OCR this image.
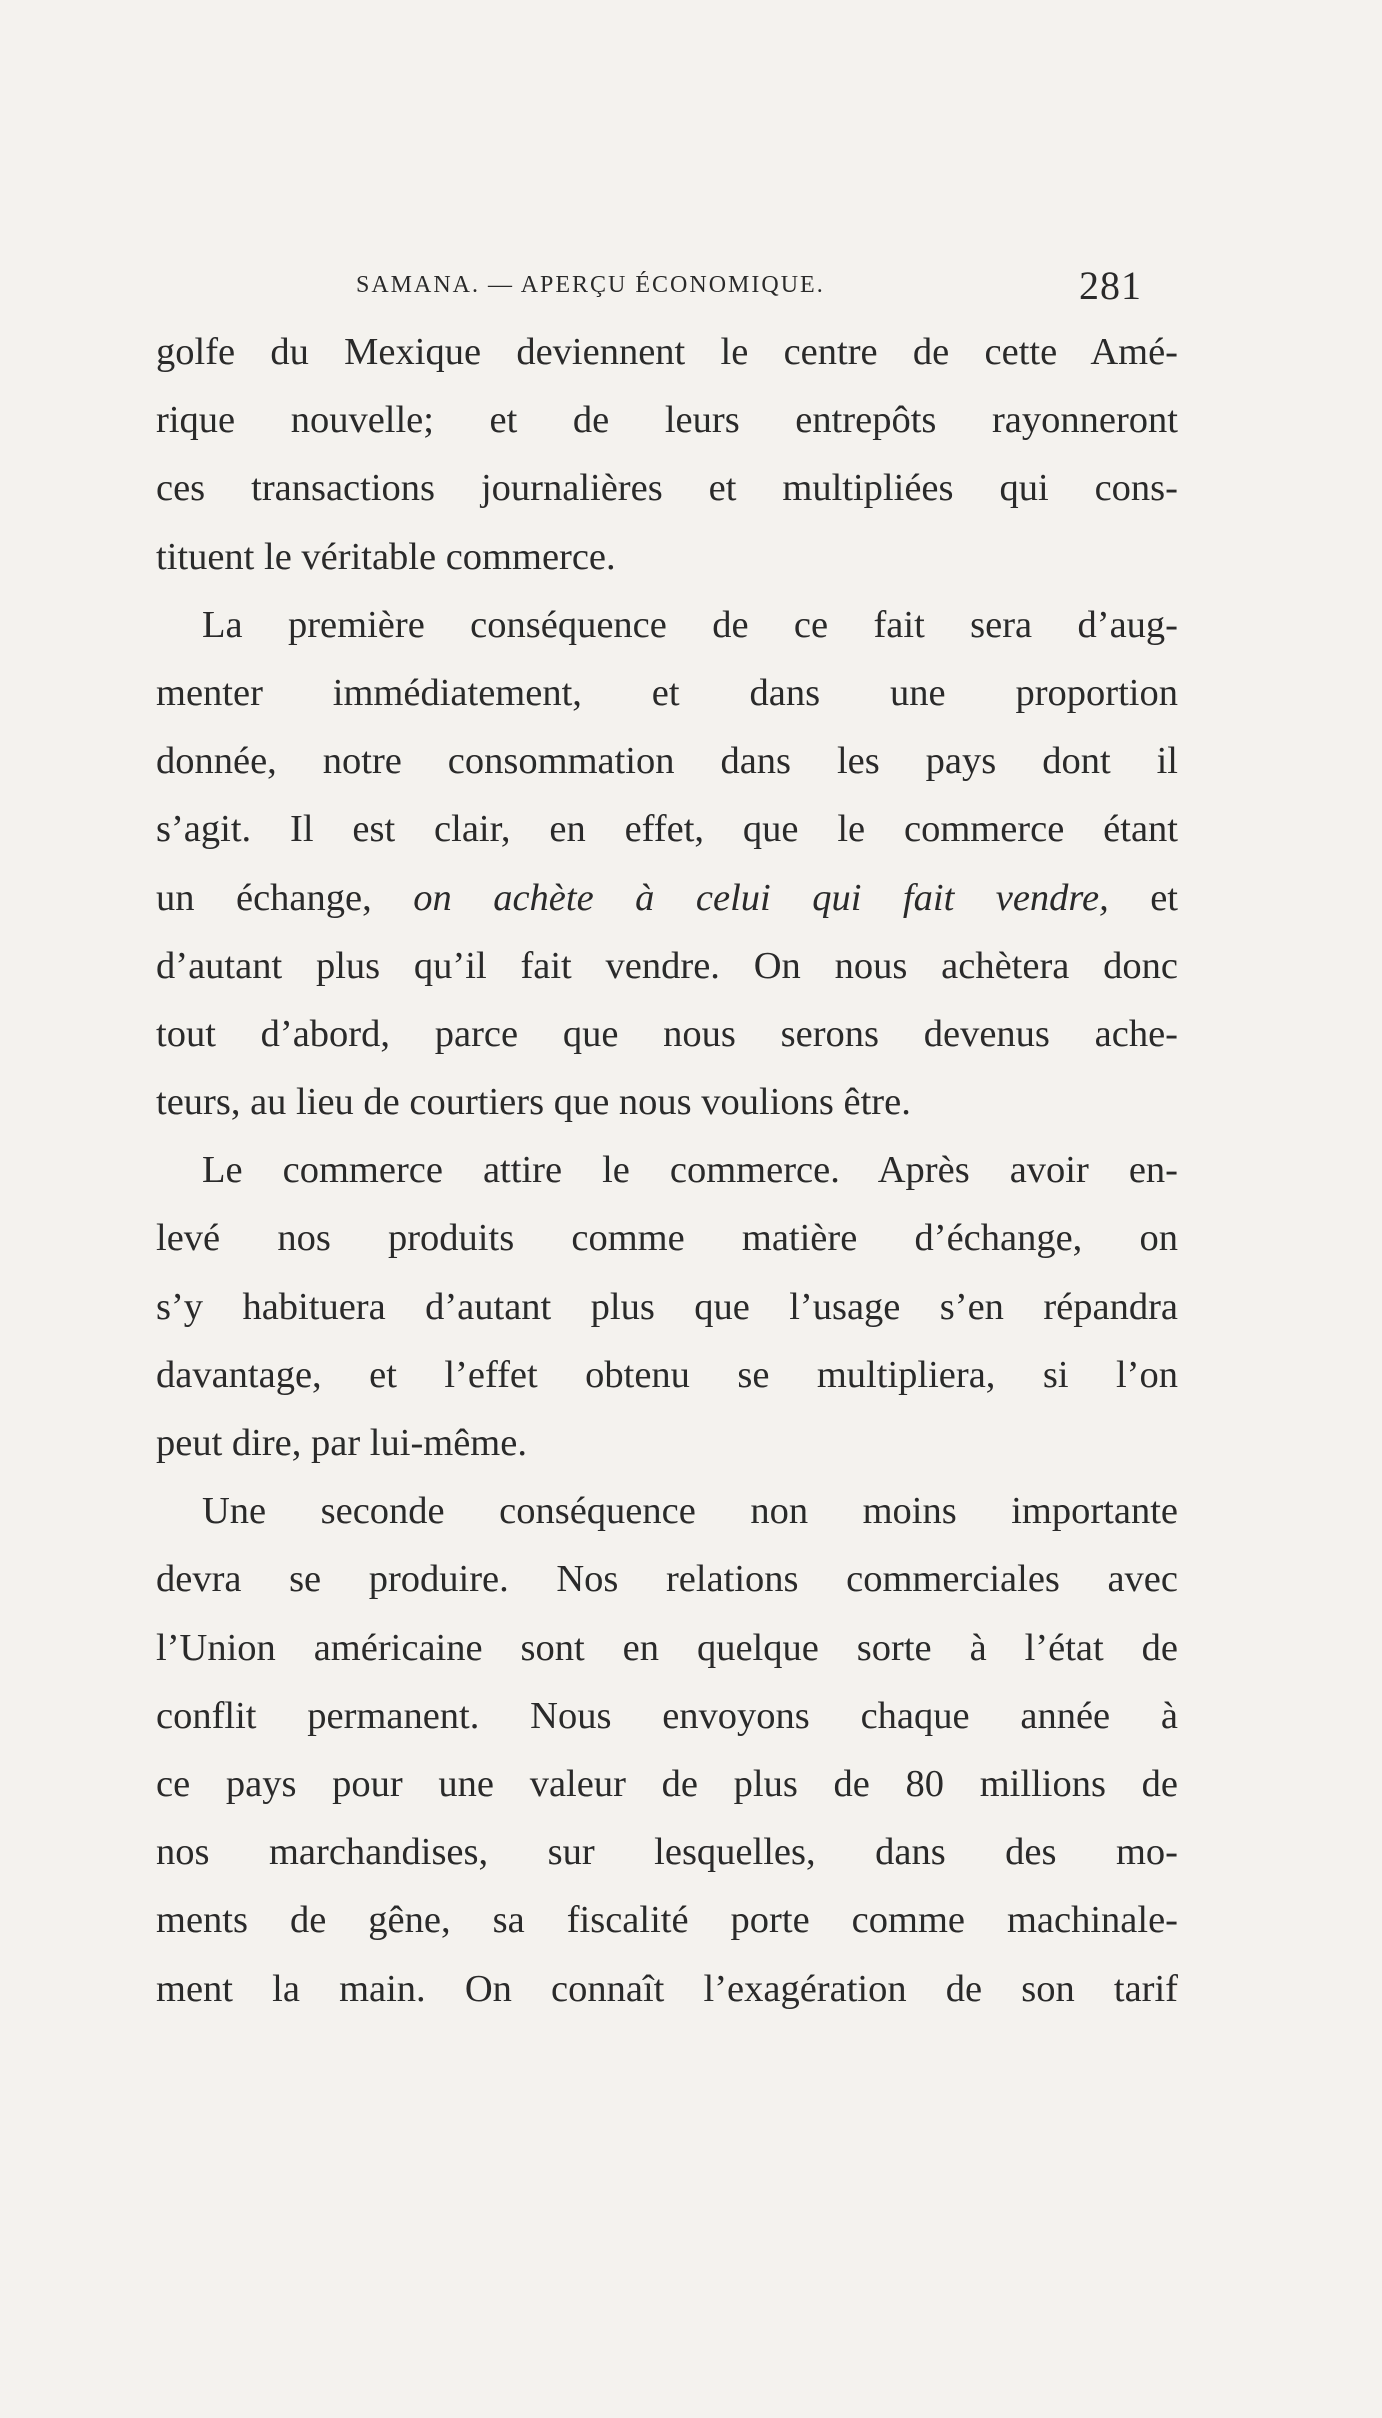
SAMANA. — APERÇU ÉCONOMIQUE.	281
golfe du Mexique deviennent le centre de cette Amé-
rique nouvelle; et de leurs entrepôts rayonneront
ces transactions journalières et multipliées qui cons-
tituent le véritable commerce.
La première conséquence de ce fait sera d’aug-
menter immédiatement, et dans une proportion
donnée, notre consommation dans les pays dont il
s’agit. Il est clair, en effet, que le commerce étant
un échange, on achète à celui qui fait vendre, et
d’autant plus qu’il fait vendre. On nous achètera donc
tout d’abord, parce que nous serons devenus ache-
teurs, au lieu de courtiers que nous voulions être.
Le commerce attire le commerce. Après avoir en-
levé nos produits comme matière d’échange, on
s’y habituera d’autant plus que l’usage s’en répandra
davantage, et l’effet obtenu se multipliera, si l’on
peut dire, par lui-même.
Une seconde conséquence non moins importante
devra se produire. Nos relations commerciales avec
l’Union américaine sont en quelque sorte à l’état de
conflit permanent. Nous envoyons chaque année à
ce pays pour une valeur de plus de 80 millions de
nos marchandises, sur lesquelles, dans des mo-
ments de gêne, sa fiscalité porte comme machinale-
ment la main. On connaît l’exagération de son tarif
